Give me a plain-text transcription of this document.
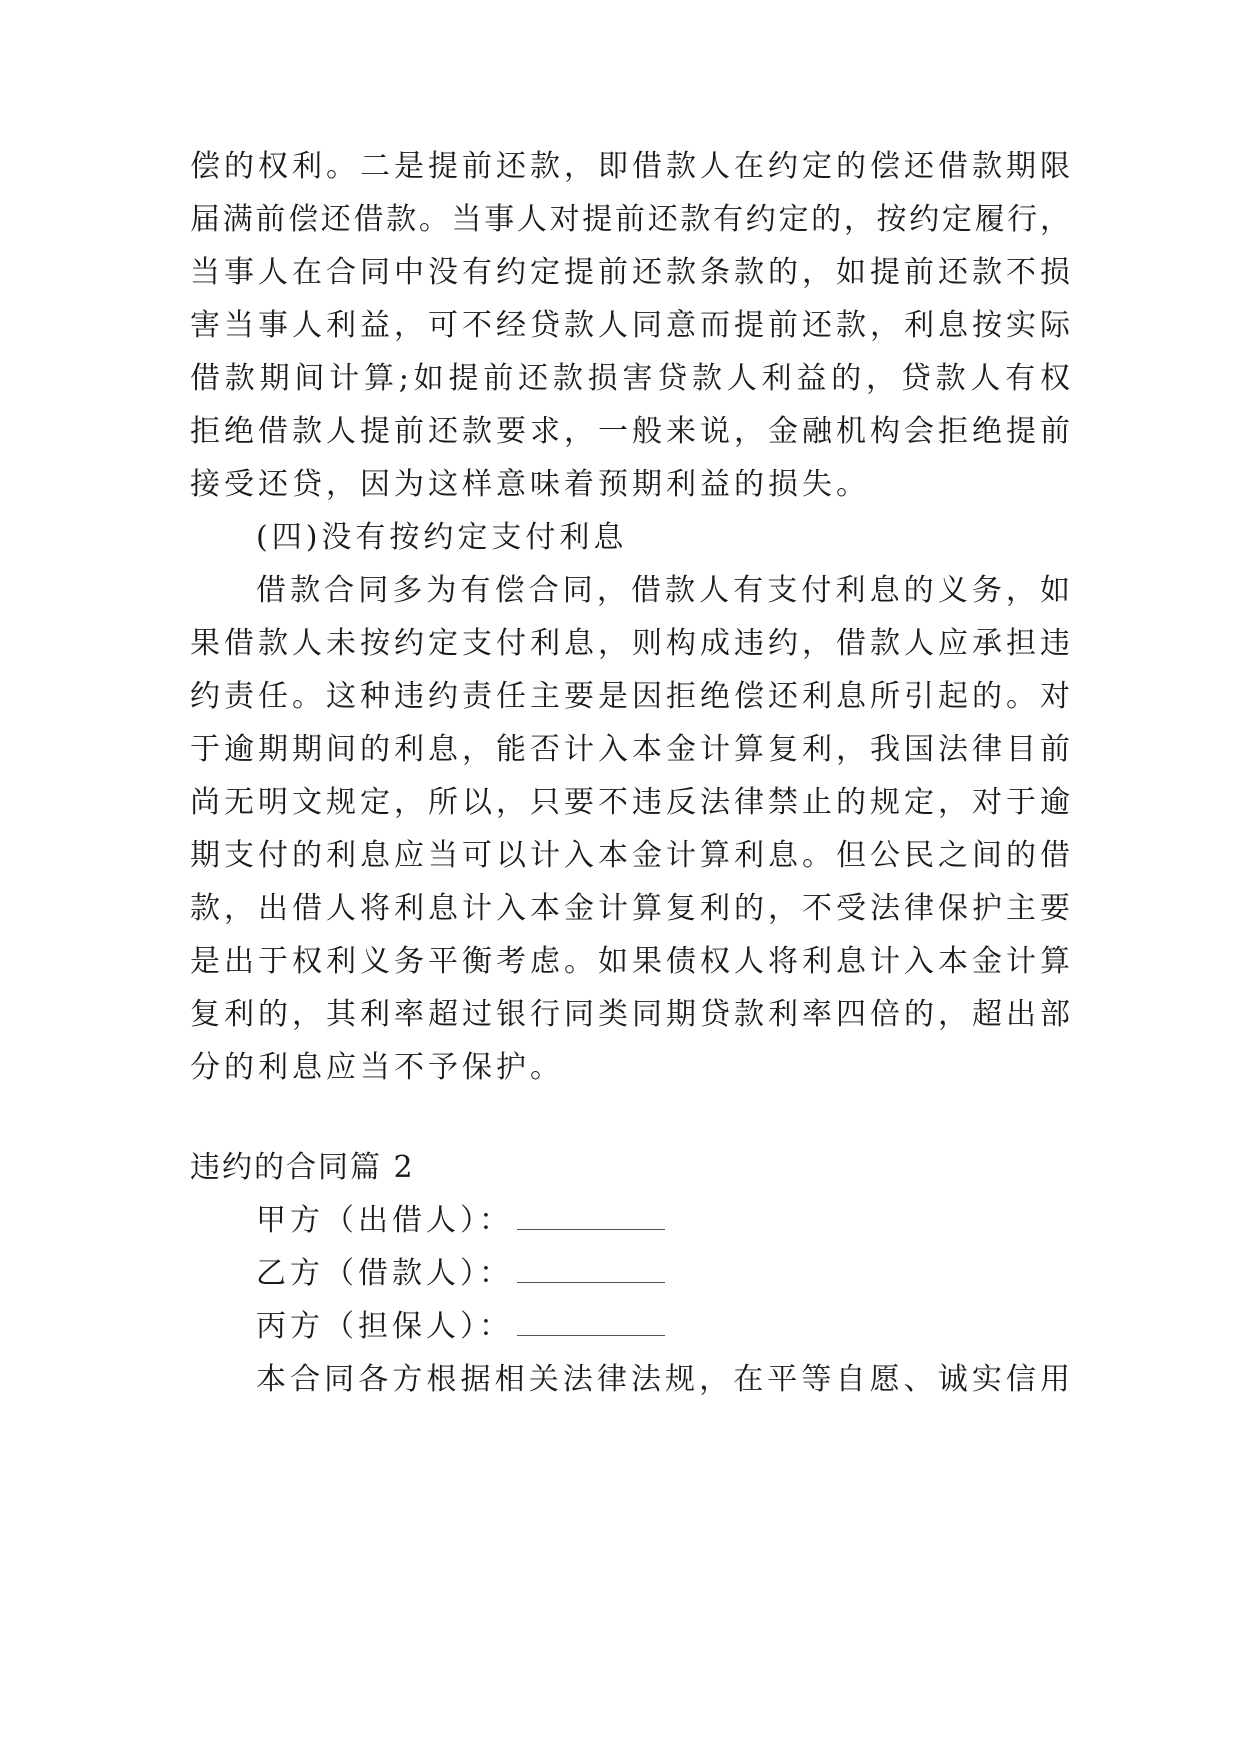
偿的权利。二是提前还款，即借款人在约定的偿还借款期限
届满前偿还借款。当事人对提前还款有约定的，按约定履行，
当事人在合同中没有约定提前还款条款的，如提前还款不损
害当事人利益，可不经贷款人同意而提前还款，利息按实际
借款期间计算;如提前还款损害贷款人利益的，贷款人有权
拒绝借款人提前还款要求，一般来说，金融机构会拒绝提前
接受还贷，因为这样意味着预期利益的损失。
(四)没有按约定支付利息
借款合同多为有偿合同，借款人有支付利息的义务，如
果借款人未按约定支付利息，则构成违约，借款人应承担违
约责任。这种违约责任主要是因拒绝偿还利息所引起的。对
于逾期期间的利息，能否计入本金计算复利，我国法律目前
尚无明文规定，所以，只要不违反法律禁止的规定，对于逾
期支付的利息应当可以计入本金计算利息。但公民之间的借
款，出借人将利息计入本金计算复利的，不受法律保护主要
是出于权利义务平衡考虑。如果债权人将利息计入本金计算
复利的，其利率超过银行同类同期贷款利率四倍的，超出部
分的利息应当不予保护。
违约的合同篇 2
甲方（出借人）：
乙方（借款人）：
丙方（担保人）：
本合同各方根据相关法律法规，在平等自愿、诚实信用
